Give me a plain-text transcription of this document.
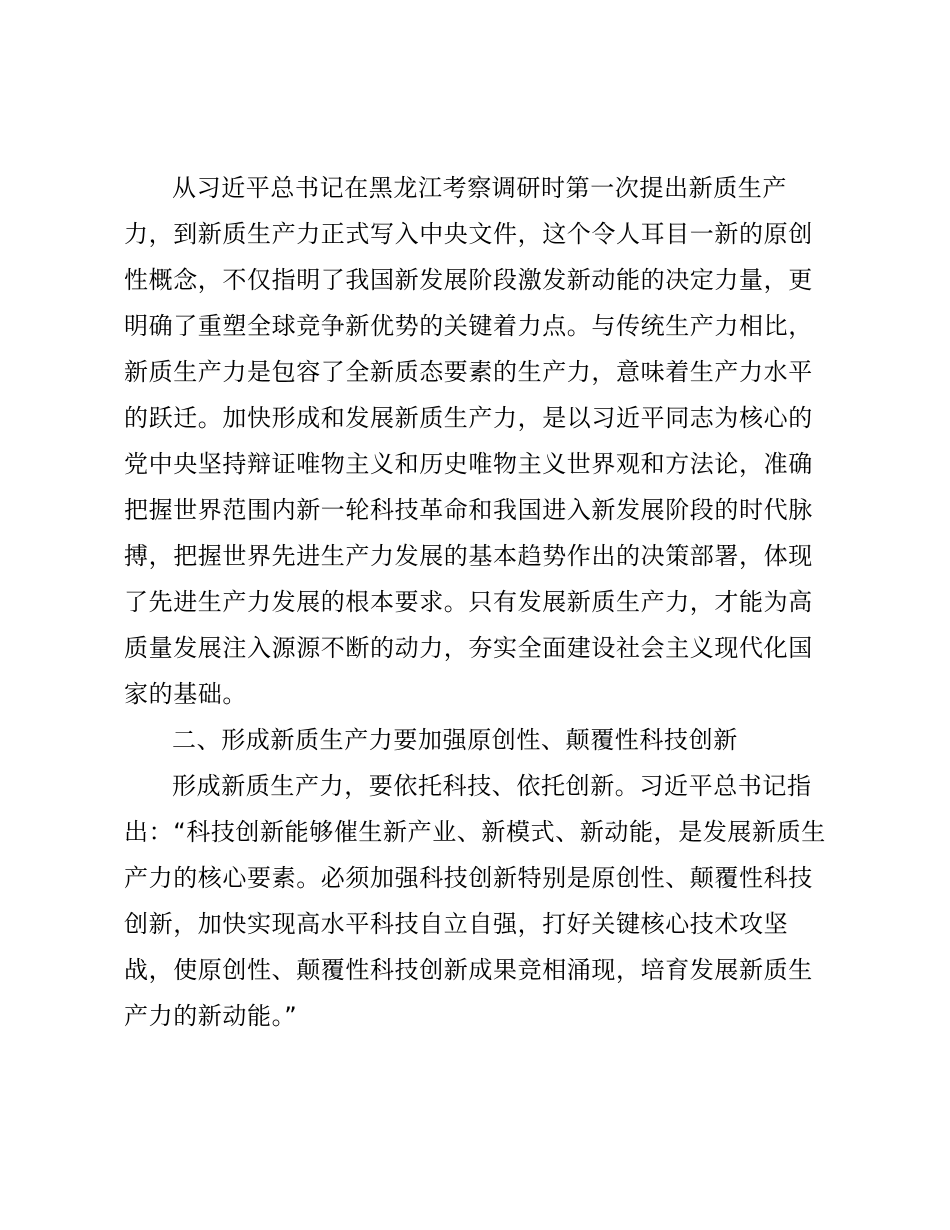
从习近平总书记在黑龙江考察调研时第一次提出新质生产
力，到新质生产力正式写入中央文件，这个令人耳目一新的原创
性概念，不仅指明了我国新发展阶段激发新动能的决定力量，更
明确了重塑全球竞争新优势的关键着力点。与传统生产力相比，
新质生产力是包容了全新质态要素的生产力，意味着生产力水平
的跃迁。加快形成和发展新质生产力，是以习近平同志为核心的
党中央坚持辩证唯物主义和历史唯物主义世界观和方法论，准确
把握世界范围内新一轮科技革命和我国进入新发展阶段的时代脉
搏，把握世界先进生产力发展的基本趋势作出的决策部署，体现
了先进生产力发展的根本要求。只有发展新质生产力，才能为高
质量发展注入源源不断的动力，夯实全面建设社会主义现代化国
家的基础。
二、形成新质生产力要加强原创性、颠覆性科技创新
形成新质生产力，要依托科技、依托创新。习近平总书记指
出：“科技创新能够催生新产业、新模式、新动能，是发展新质生
产力的核心要素。必须加强科技创新特别是原创性、颠覆性科技
创新，加快实现高水平科技自立自强，打好关键核心技术攻坚
战，使原创性、颠覆性科技创新成果竞相涌现，培育发展新质生
产力的新动能。”
